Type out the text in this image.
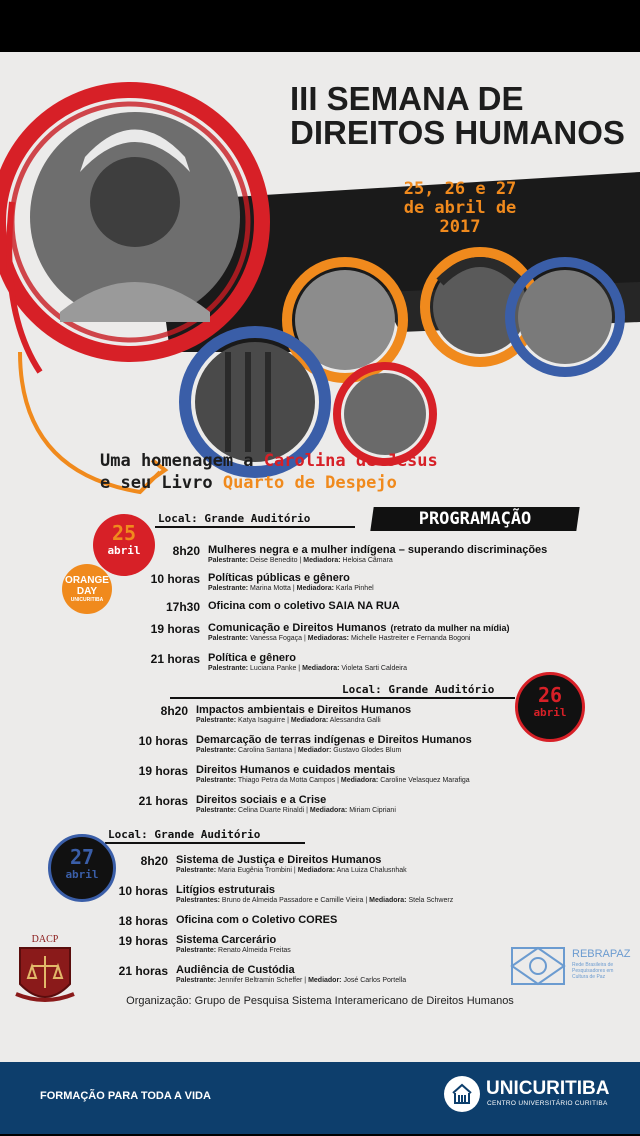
III SEMANA DE
DIREITOS HUMANOS
25, 26 e 27
de abril de
2017
Uma homenagem a Carolina de Jesus
e seu Livro Quarto de Despejo
PROGRAMAÇÃO
Local: Grande Auditório
25
abril
ORANGE
DAY
UNICURITIBA
8h20 Mulheres negra e a mulher indígena – superando discriminações
Palestrante: Deise Benedito | Mediadora: Heloisa Câmara
10 horas Políticas públicas e gênero
Palestrante: Marina Motta | Mediadora: Karla Pinhel
17h30 Oficina com o coletivo SAIA NA RUA
19 horas Comunicação e Direitos Humanos (retrato da mulher na mídia)
Palestrante: Vanessa Fogaça | Mediadoras: Michelle Hastreiter e Fernanda Bogoni
21 horas Política e gênero
Palestrante: Luciana Panke | Mediadora: Violeta Sarti Caldeira
Local: Grande Auditório	26
abril
8h20 Impactos ambientais e Direitos Humanos
Palestrante: Katya Isaguirre | Mediadora: Alessandra Galli
10 horas Demarcação de terras indígenas e Direitos Humanos
Palestrante: Carolina Santana | Mediador: Gustavo Glodes Blum
19 horas Direitos Humanos e cuidados mentais
Palestrante: Thiago Petra da Motta Campos | Mediadora: Caroline Velasquez Marafiga
21 horas Direitos sociais e a Crise
Palestrante: Celina Duarte Rinaldi | Mediadora: Miriam Cipriani
Local: Grande Auditório
27
abril
8h20 Sistema de Justiça e Direitos Humanos
Palestrante: Maria Eugênia Trombini | Mediadora: Ana Luiza Chalusnhak
10 horas Litígios estruturais
Palestrantes: Bruno de Almeida Passadore e Camille Vieira | Mediadora: Stela Schwerz
18 horas Oficina com o Coletivo CORES
19 horas Sistema Carcerário
Palestrante: Renato Almeida Freitas
21 horas Audiência de Custódia
Palestrante: Jennifer Beltramin Scheffer | Mediador: José Carlos Portella
DACP
REBRAPAZ
Rede Brasileira de Pesquisadores em Cultura de Paz
Organização: Grupo de Pesquisa Sistema Interamericano de Direitos Humanos
FORMAÇÃO PARA TODA A VIDA	UNICURITIBA
CENTRO UNIVERSITÁRIO CURITIBA
